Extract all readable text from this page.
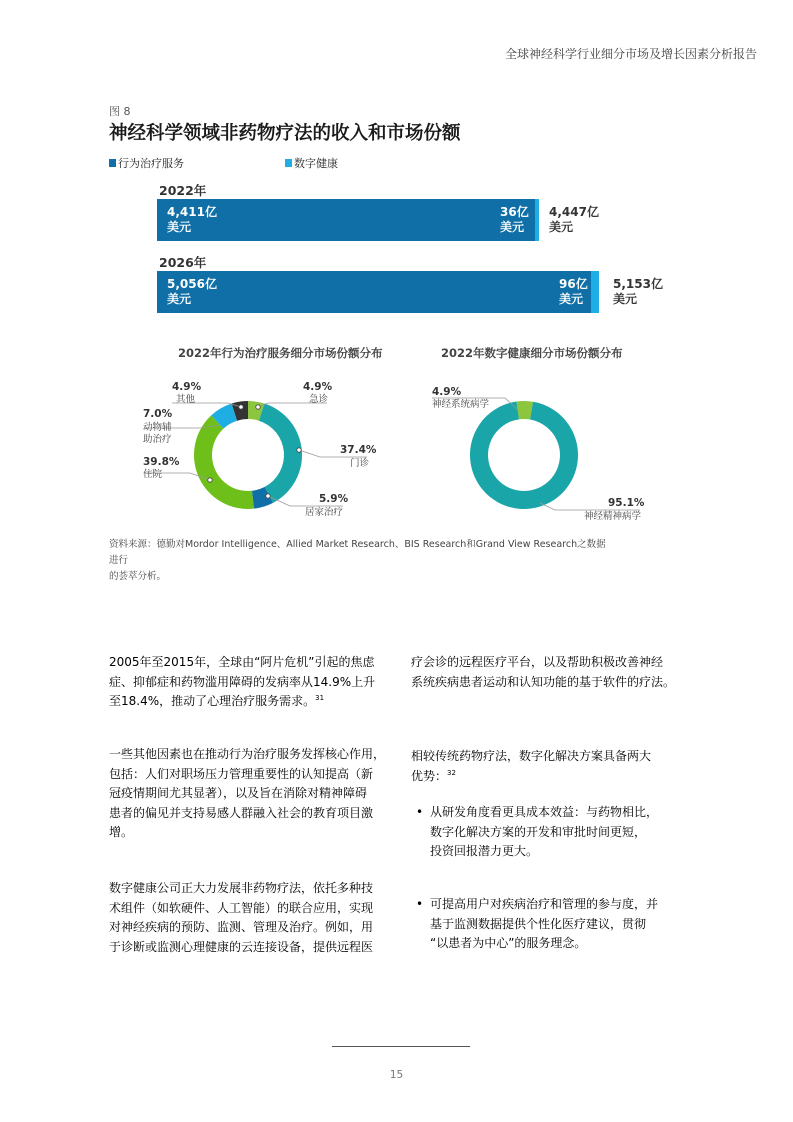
全球神经科学行业细分市场及增长因素分析报告
图 8
神经科学领域非药物疗法的收入和市场份额
行为治疗服务	数字健康
2022年
4,411亿
美元
36亿
美元
4,447亿
美元
2026年
5,056亿
美元
96亿
美元
5,153亿
美元
2022年行为治疗服务细分市场份额分布	2022年数字健康细分市场份额分布
4.9%
其他
4.9%
急诊
7.0%
动物辅
助治疗
37.4%
门诊
39.8%
住院
5.9%
居家治疗
4.9%
神经系统病学
95.1%
神经精神病学
资料来源：德勤对Mordor Intelligence、Allied Market Research、BIS Research和Grand View Research之数据进行
的荟萃分析。
2005年至2015年，全球由“阿片危机”引起的焦虑
症、抑郁症和药物滥用障碍的发病率从14.9%上升
至18.4%，推动了心理治疗服务需求。$^{31}$
一些其他因素也在推动行为治疗服务发挥核心作用，
包括：人们对职场压力管理重要性的认知提高（新
冠疫情期间尤其显著），以及旨在消除对精神障碍
患者的偏见并支持易感人群融入社会的教育项目激
增。
数字健康公司正大力发展非药物疗法，依托多种技
术组件（如软硬件、人工智能）的联合应用，实现
对神经疾病的预防、监测、管理及治疗。例如，用
于诊断或监测心理健康的云连接设备，提供远程医
疗会诊的远程医疗平台，以及帮助积极改善神经
系统疾病患者运动和认知功能的基于软件的疗法。
相较传统药物疗法，数字化解决方案具备两大
优势：$^{32}$
• 从研发角度看更具成本效益：与药物相比，
数字化解决方案的开发和审批时间更短，
投资回报潜力更大。
• 可提高用户对疾病治疗和管理的参与度，并
基于监测数据提供个性化医疗建议，贯彻
“以患者为中心”的服务理念。
15
